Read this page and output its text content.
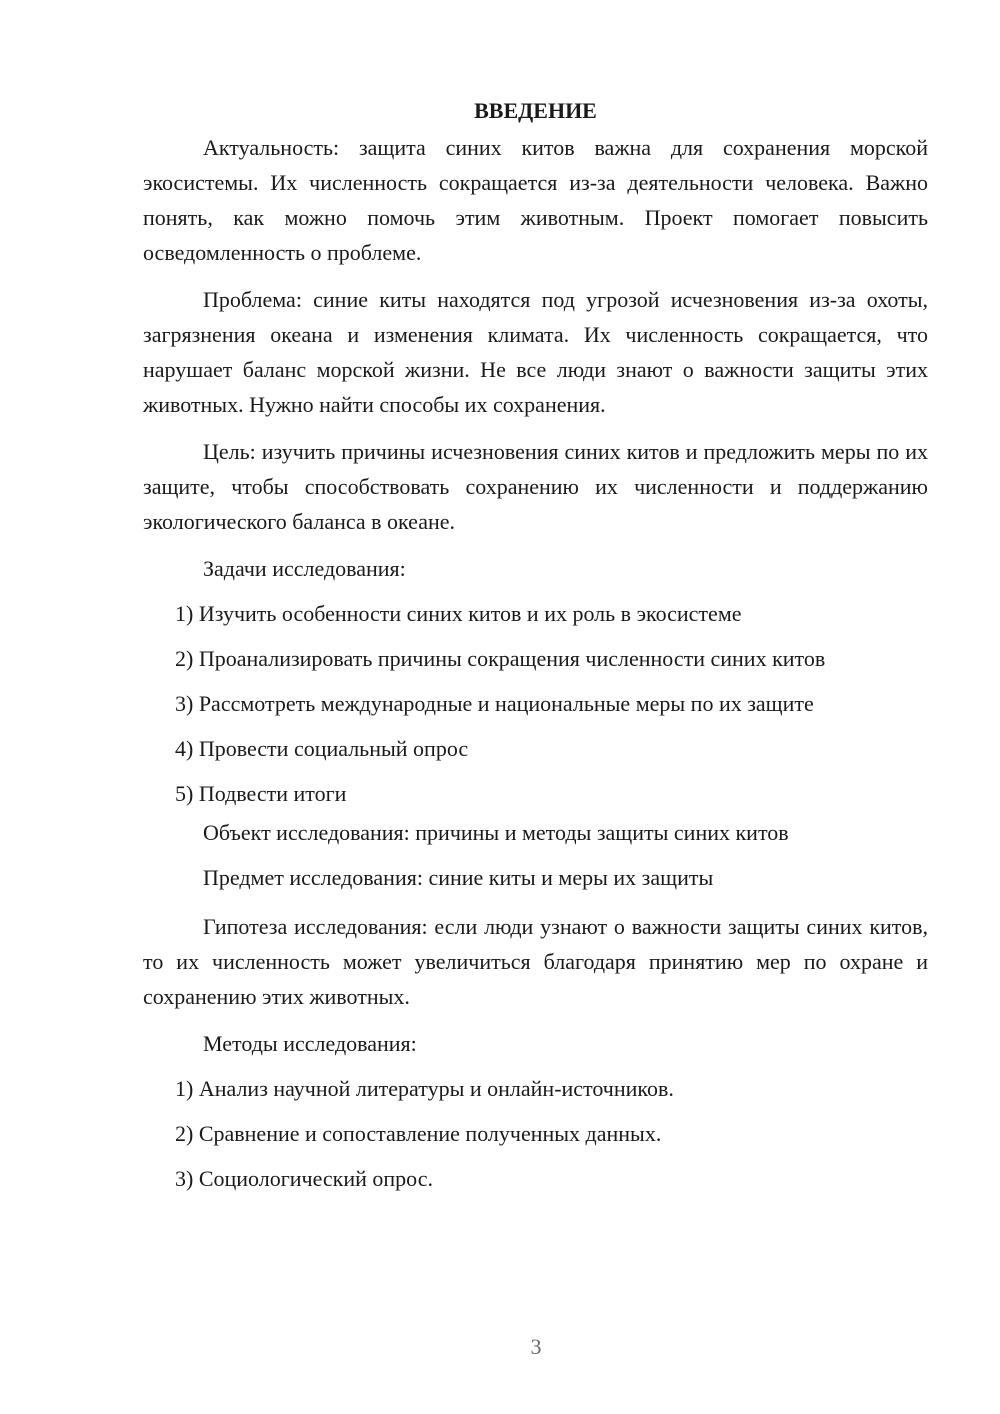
ВВЕДЕНИЕ

Актуальность: защита синих китов важна для сохранения морской экосистемы. Их численность сокращается из-за деятельности человека. Важно понять, как можно помочь этим животным. Проект помогает повысить осведомленность о проблеме.

Проблема: синие киты находятся под угрозой исчезновения из-за охоты, загрязнения океана и изменения климата. Их численность сокращается, что нарушает баланс морской жизни. Не все люди знают о важности защиты этих животных. Нужно найти способы их сохранения.

Цель: изучить причины исчезновения синих китов и предложить меры по их защите, чтобы способствовать сохранению их численности и поддержанию экологического баланса в океане.

Задачи исследования:

1) Изучить особенности синих китов и их роль в экосистеме
2) Проанализировать причины сокращения численности синих китов
3) Рассмотреть международные и национальные меры по их защите
4) Провести социальный опрос
5) Подвести итоги

Объект исследования: причины и методы защиты синих китов

Предмет исследования: синие киты и меры их защиты

Гипотеза исследования: если люди узнают о важности защиты синих китов, то их численность может увеличиться благодаря принятию мер по охране и сохранению этих животных.

Методы исследования:

1) Анализ научной литературы и онлайн-источников.
2) Сравнение и сопоставление полученных данных.
3) Социологический опрос.
3
